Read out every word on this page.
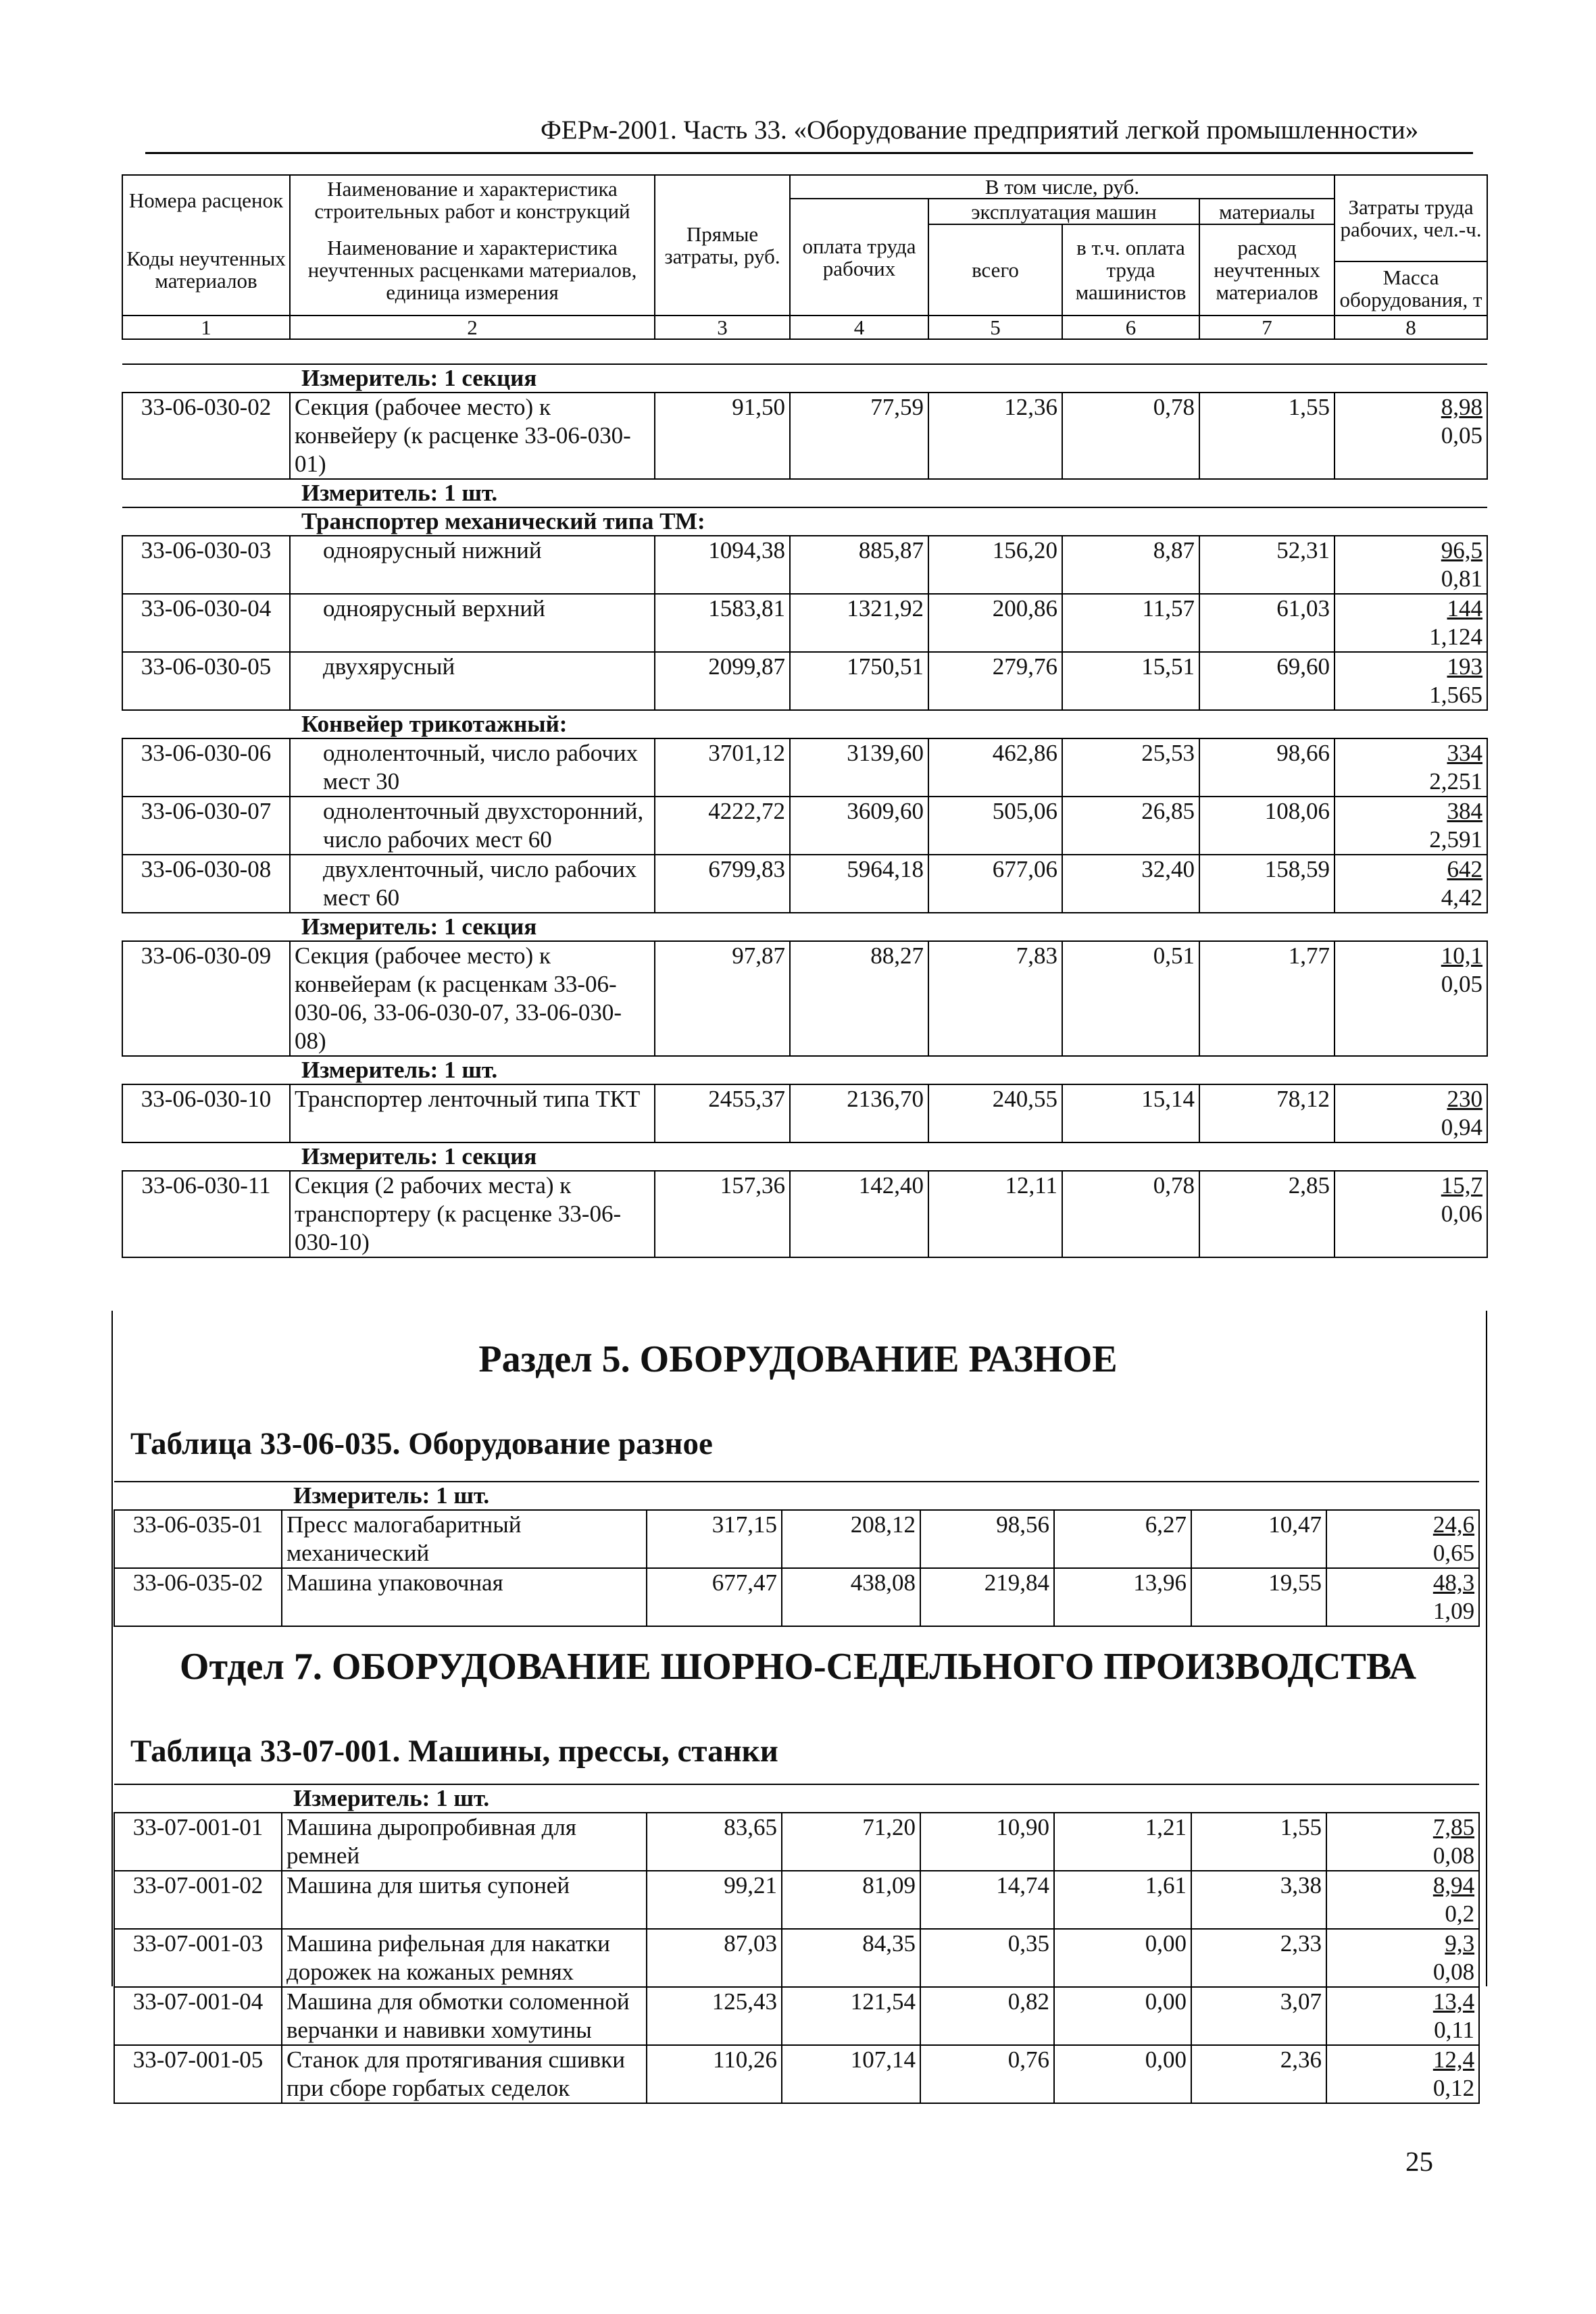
ФЕРм-2001. Часть 33. «Оборудование предприятий легкой промышленности»
Номера расценок	Наименование и характеристика строительных работ и конструкций	Прямые затраты, руб.	В том числе, руб.				Затраты труда рабочих, чел.-ч.
			оплата труда рабочих	эксплуатация машин		материалы	
Коды неучтенных материалов	Наименование и характеристика неучтенных расценками материалов, единица измерения			всего	в т.ч. оплата труда машинистов	расход неучтенных материалов	
							Масса оборудования, т
1	2	3	4	5	6	7	8
Измеритель: 1 секция							
33-06-030-02	Секция (рабочее место) к конвейеру (к расценке 33-06-030-01)	91,50	77,59	12,36	0,78	1,55	8,98
0,05

Измеритель: 1 шт.							
Транспортер механический типа ТМ:							
33-06-030-03	одноярусный нижний	1094,38	885,87	156,20	8,87	52,31	96,5
0,81

33-06-030-04	одноярусный верхний	1583,81	1321,92	200,86	11,57	61,03	144
1,124

33-06-030-05	двухярусный	2099,87	1750,51	279,76	15,51	69,60	193
1,565

Конвейер трикотажный:							
33-06-030-06	одноленточный, число рабочих мест 30	3701,12	3139,60	462,86	25,53	98,66	334
2,251

33-06-030-07	одноленточный двухсторонний, число рабочих мест 60	4222,72	3609,60	505,06	26,85	108,06	384
2,591

33-06-030-08	двухленточный, число рабочих мест 60	6799,83	5964,18	677,06	32,40	158,59	642
4,42

Измеритель: 1 секция							
33-06-030-09	Секция (рабочее место) к конвейерам (к расценкам 33-06-030-06, 33-06-030-07, 33-06-030-08)	97,87	88,27	7,83	0,51	1,77	10,1
0,05

Измеритель: 1 шт.							
33-06-030-10	Транспортер ленточный типа ТКТ	2455,37	2136,70	240,55	15,14	78,12	230
0,94

Измеритель: 1 секция							
33-06-030-11	Секция (2 рабочих места) к транспортеру (к расценке 33-06-030-10)	157,36	142,40	12,11	0,78	2,85	15,7
0,06
Раздел 5. ОБОРУДОВАНИЕ РАЗНОЕ
Таблица 33-06-035. Оборудование разное
Измеритель: 1 шт.							
33-06-035-01	Пресс малогабаритный механический	317,15	208,12	98,56	6,27	10,47	24,6
0,65

33-06-035-02	Машина упаковочная	677,47	438,08	219,84	13,96	19,55	48,3
1,09
Отдел 7. ОБОРУДОВАНИЕ ШОРНО-СЕДЕЛЬНОГО ПРОИЗВОДСТВА
Таблица 33-07-001. Машины, прессы, станки
Измеритель: 1 шт.							
33-07-001-01	Машина дыропробивная для ремней	83,65	71,20	10,90	1,21	1,55	7,85
0,08

33-07-001-02	Машина для шитья супоней	99,21	81,09	14,74	1,61	3,38	8,94
0,2

33-07-001-03	Машина рифельная для накатки дорожек на кожаных ремнях	87,03	84,35	0,35	0,00	2,33	9,3
0,08

33-07-001-04	Машина для обмотки соломенной верчанки и навивки хомутины	125,43	121,54	0,82	0,00	3,07	13,4
0,11

33-07-001-05	Станок для протягивания сшивки при сборе горбатых седелок	110,26	107,14	0,76	0,00	2,36	12,4
0,12
25
